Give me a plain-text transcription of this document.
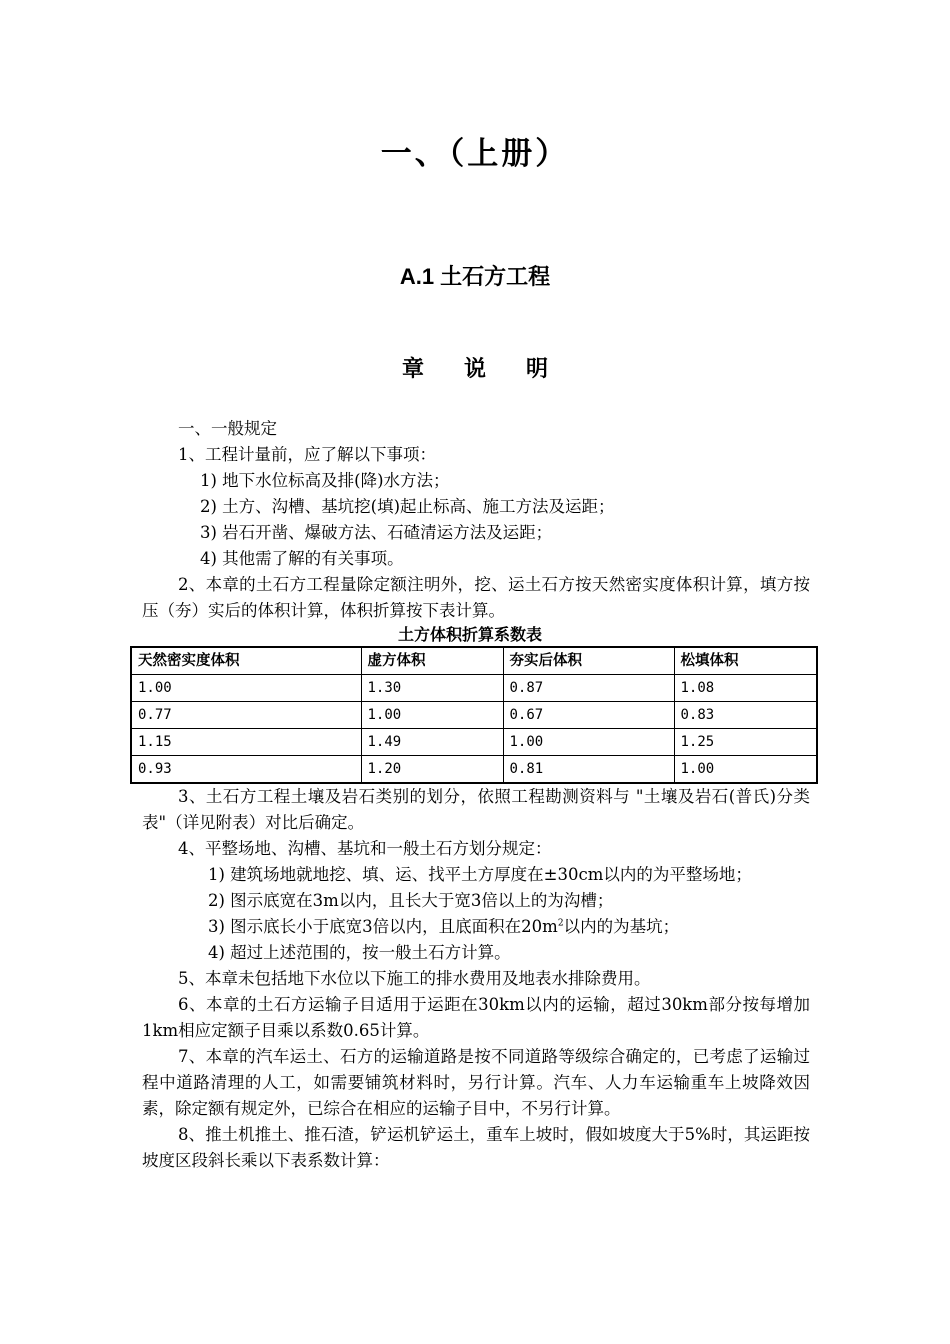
一、（上册）
A.1 土石方工程
章 说 明
一、一般规定
1、工程计量前，应了解以下事项：
1) 地下水位标高及排(降)水方法；
2) 土方、沟槽、基坑挖(填)起止标高、施工方法及运距；
3) 岩石开凿、爆破方法、石碴清运方法及运距；
4) 其他需了解的有关事项。
2、本章的土石方工程量除定额注明外，挖、运土石方按天然密实度体积计算，填方按压（夯）实后的体积计算，体积折算按下表计算。
土方体积折算系数表
天然密实度体积	虚方体积	夯实后体积	松填体积
1.00	1.30	0.87	1.08
0.77	1.00	0.67	0.83
1.15	1.49	1.00	1.25
0.93	1.20	0.81	1.00
3、土石方工程土壤及岩石类别的划分，依照工程勘测资料与 "土壤及岩石(普氏)分类表"（详见附表）对比后确定。
4、平整场地、沟槽、基坑和一般土石方划分规定：
1) 建筑场地就地挖、填、运、找平土方厚度在±30cm以内的为平整场地；
2) 图示底宽在3m以内，且长大于宽3倍以上的为沟槽；
3) 图示底长小于底宽3倍以内，且底面积在$20m^2$以内的为基坑；
4) 超过上述范围的，按一般土石方计算。
5、本章未包括地下水位以下施工的排水费用及地表水排除费用。
6、本章的土石方运输子目适用于运距在30km以内的运输，超过30km部分按每增加1km相应定额子目乘以系数0.65计算。
7、本章的汽车运土、石方的运输道路是按不同道路等级综合确定的，已考虑了运输过程中道路清理的人工，如需要铺筑材料时，另行计算。汽车、人力车运输重车上坡降效因素，除定额有规定外，已综合在相应的运输子目中，不另行计算。
8、推土机推土、推石渣，铲运机铲运土，重车上坡时，假如坡度大于5%时，其运距按坡度区段斜长乘以下表系数计算：
